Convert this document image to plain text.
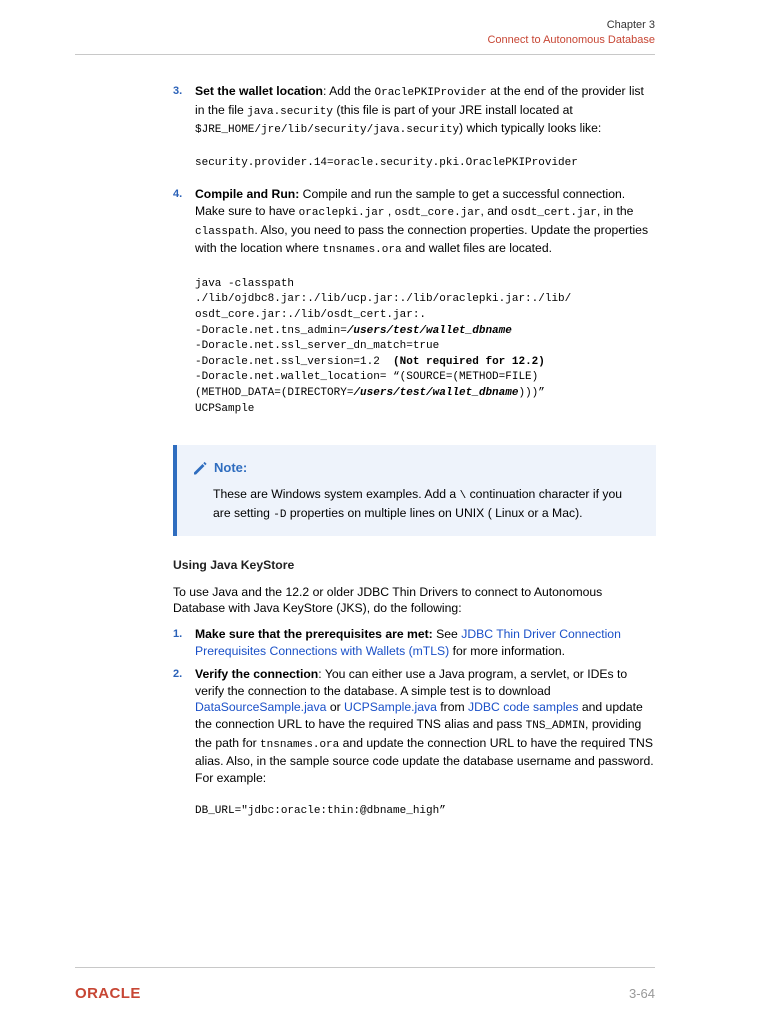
Chapter 3
Connect to Autonomous Database
3. Set the wallet location: Add the OraclePKIProvider at the end of the provider list in the file java.security (this file is part of your JRE install located at $JRE_HOME/jre/lib/security/java.security) which typically looks like:
security.provider.14=oracle.security.pki.OraclePKIProvider
4. Compile and Run: Compile and run the sample to get a successful connection. Make sure to have oraclepki.jar , osdt_core.jar, and osdt_cert.jar, in the classpath. Also, you need to pass the connection properties. Update the properties with the location where tnsnames.ora and wallet files are located.
java -classpath
./lib/ojdbc8.jar:./lib/ucp.jar:./lib/oraclepki.jar:./lib/
osdt_core.jar:./lib/osdt_cert.jar:.
-Doracle.net.tns_admin=/users/test/wallet_dbname
-Doracle.net.ssl_server_dn_match=true
-Doracle.net.ssl_version=1.2  (Not required for 12.2)
-Doracle.net.wallet_location= “(SOURCE=(METHOD=FILE)
(METHOD_DATA=(DIRECTORY=/users/test/wallet_dbname)))”
UCPSample
Note:
These are Windows system examples. Add a \ continuation character if you are setting -D properties on multiple lines on UNIX ( Linux or a Mac).
Using Java KeyStore
To use Java and the 12.2 or older JDBC Thin Drivers to connect to Autonomous Database with Java KeyStore (JKS), do the following:
1. Make sure that the prerequisites are met: See JDBC Thin Driver Connection Prerequisites Connections with Wallets (mTLS) for more information.
2. Verify the connection: You can either use a Java program, a servlet, or IDEs to verify the connection to the database. A simple test is to download DataSourceSample.java or UCPSample.java from JDBC code samples and update the connection URL to have the required TNS alias and pass TNS_ADMIN, providing the path for tnsnames.ora and update the connection URL to have the required TNS alias. Also, in the sample source code update the database username and password. For example:
DB_URL="jdbc:oracle:thin:@dbname_high”
ORACLE	3-64
